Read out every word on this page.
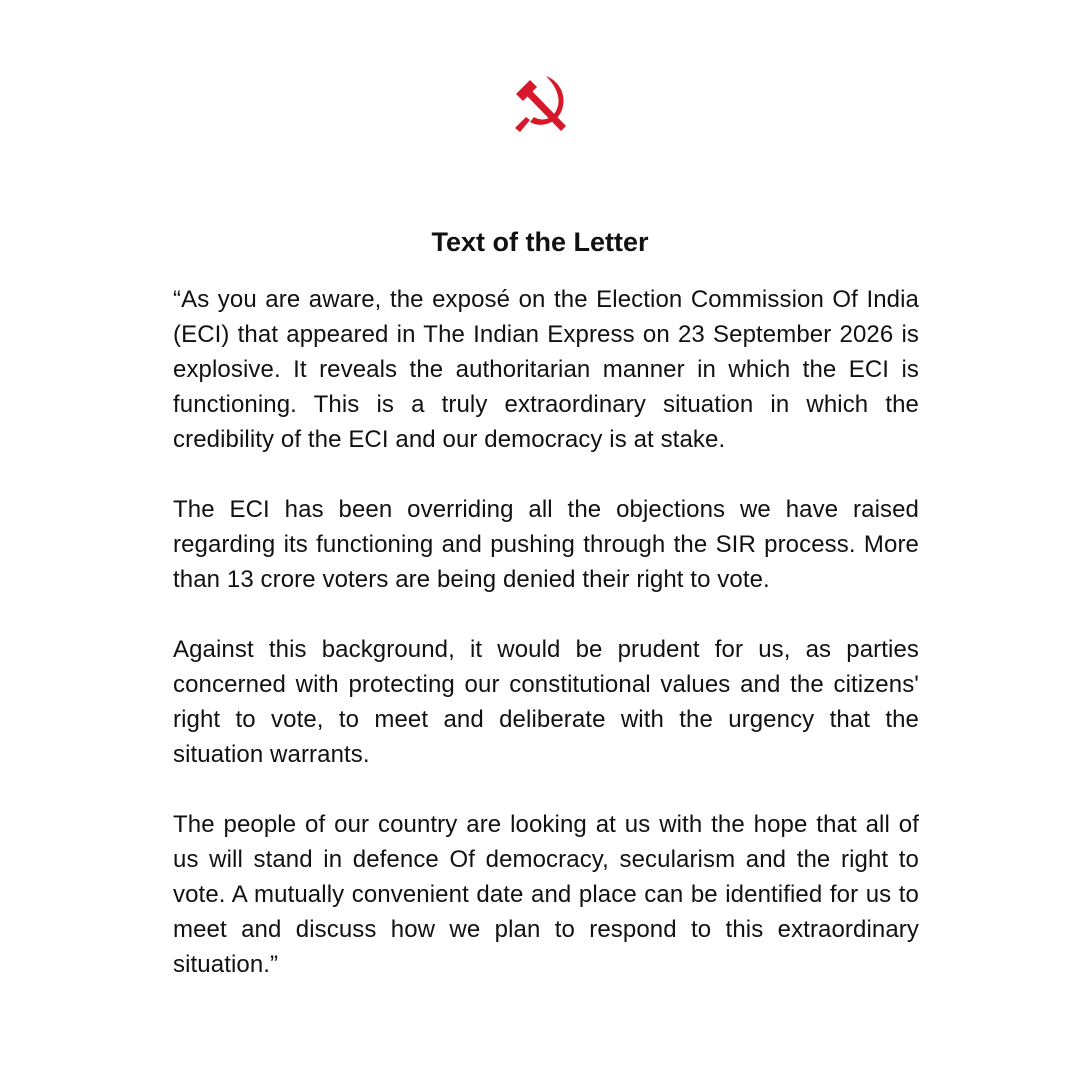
Text of the Letter

“As you are aware, the exposé on the Election Commission Of India (ECI) that appeared in The Indian Express on 23 September 2026 is explosive. It reveals the authoritarian manner in which the ECI is functioning. This is a truly extraordinary situation in which the credibility of the ECI and our democracy is at stake.

The ECI has been overriding all the objections we have raised regarding its functioning and pushing through the SIR process. More than 13 crore voters are being denied their right to vote.

Against this background, it would be prudent for us, as parties concerned with protecting our constitutional values and the citizens' right to vote, to meet and deliberate with the urgency that the situation warrants.

The people of our country are looking at us with the hope that all of us will stand in defence Of democracy, secularism and the right to vote. A mutually convenient date and place can be identified for us to meet and discuss how we plan to respond to this extraordinary situation.”
